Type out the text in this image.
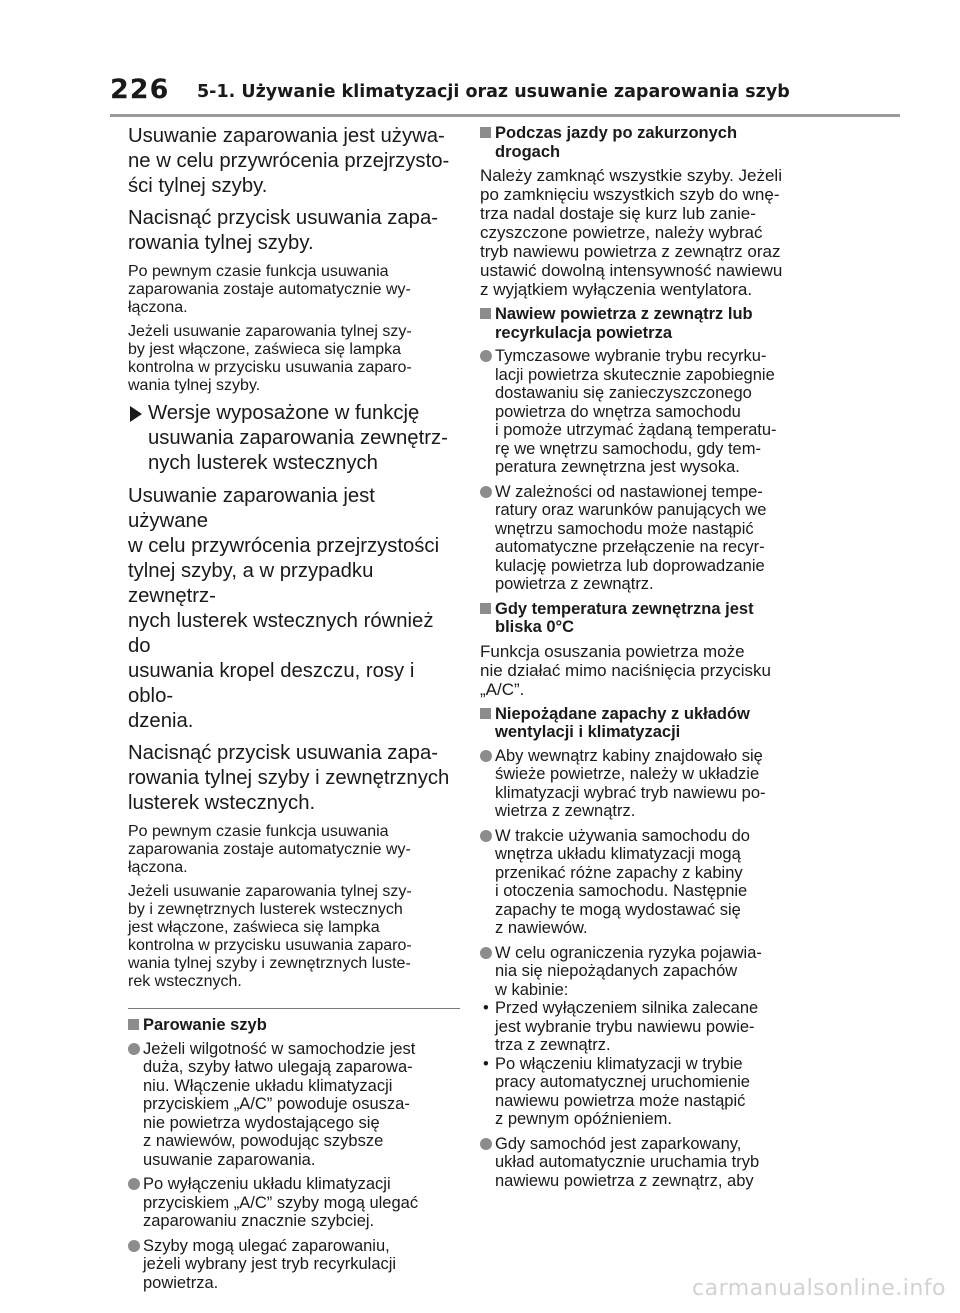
226 5-1. Używanie klimatyzacji oraz usuwanie zaparowania szyb

Usuwanie zaparowania jest używa-
ne w celu przywrócenia przejrzysto-
ści tylnej szyby.

Nacisnąć przycisk usuwania zapa-
rowania tylnej szyby.

Po pewnym czasie funkcja usuwania
zaparowania zostaje automatycznie wy-
łączona.

Jeżeli usuwanie zaparowania tylnej szy-
by jest włączone, zaświeca się lampka
kontrolna w przycisku usuwania zaparo-
wania tylnej szyby.

Wersje wyposażone w funkcję
usuwania zaparowania zewnętrz-
nych lusterek wstecznych

Usuwanie zaparowania jest używane
w celu przywrócenia przejrzystości
tylnej szyby, a w przypadku zewnętrz-
nych lusterek wstecznych również do
usuwania kropel deszczu, rosy i oblo-
dzenia.

Nacisnąć przycisk usuwania zapa-
rowania tylnej szyby i zewnętrznych
lusterek wstecznych.

Po pewnym czasie funkcja usuwania
zaparowania zostaje automatycznie wy-
łączona.

Jeżeli usuwanie zaparowania tylnej szy-
by i zewnętrznych lusterek wstecznych
jest włączone, zaświeca się lampka
kontrolna w przycisku usuwania zaparo-
wania tylnej szyby i zewnętrznych luste-
rek wstecznych.

Parowanie szyb
Jeżeli wilgotność w samochodzie jest
duża, szyby łatwo ulegają zaparowa-
niu. Włączenie układu klimatyzacji
przyciskiem „A/C” powoduje osusza-
nie powietrza wydostającego się
z nawiewów, powodując szybsze
usuwanie zaparowania.
Po wyłączeniu układu klimatyzacji
przyciskiem „A/C” szyby mogą ulegać
zaparowaniu znacznie szybciej.
Szyby mogą ulegać zaparowaniu,
jeżeli wybrany jest tryb recyrkulacji
powietrza.
Podczas jazdy po zakurzonych
drogach

Należy zamknąć wszystkie szyby. Jeżeli
po zamknięciu wszystkich szyb do wnę-
trza nadal dostaje się kurz lub zanie-
czyszczone powietrze, należy wybrać
tryb nawiewu powietrza z zewnątrz oraz
ustawić dowolną intensywność nawiewu
z wyjątkiem wyłączenia wentylatora.

Nawiew powietrza z zewnątrz lub
recyrkulacja powietrza
Tymczasowe wybranie trybu recyrku-
lacji powietrza skutecznie zapobiegnie
dostawaniu się zanieczyszczonego
powietrza do wnętrza samochodu
i pomoże utrzymać żądaną temperatu-
rę we wnętrzu samochodu, gdy tem-
peratura zewnętrzna jest wysoka.
W zależności od nastawionej tempe-
ratury oraz warunków panujących we
wnętrzu samochodu może nastąpić
automatyczne przełączenie na recyr-
kulację powietrza lub doprowadzanie
powietrza z zewnątrz.
Gdy temperatura zewnętrzna jest
bliska 0°C

Funkcja osuszania powietrza może
nie działać mimo naciśnięcia przycisku
„A/C”.

Niepożądane zapachy z układów
wentylacji i klimatyzacji
Aby wewnątrz kabiny znajdowało się
świeże powietrze, należy w układzie
klimatyzacji wybrać tryb nawiewu po-
wietrza z zewnątrz.
W trakcie używania samochodu do
wnętrza układu klimatyzacji mogą
przenikać różne zapachy z kabiny
i otoczenia samochodu. Następnie
zapachy te mogą wydostawać się
z nawiewów.
W celu ograniczenia ryzyka pojawia-
nia się niepożądanych zapachów
w kabinie:
• Przed wyłączeniem silnika zalecane
jest wybranie trybu nawiewu powie-
trza z zewnątrz.
• Po włączeniu klimatyzacji w trybie
pracy automatycznej uruchomienie
nawiewu powietrza może nastąpić
z pewnym opóźnieniem.
Gdy samochód jest zaparkowany,
układ automatycznie uruchamia tryb
nawiewu powietrza z zewnątrz, aby
carmanualsonline.info
